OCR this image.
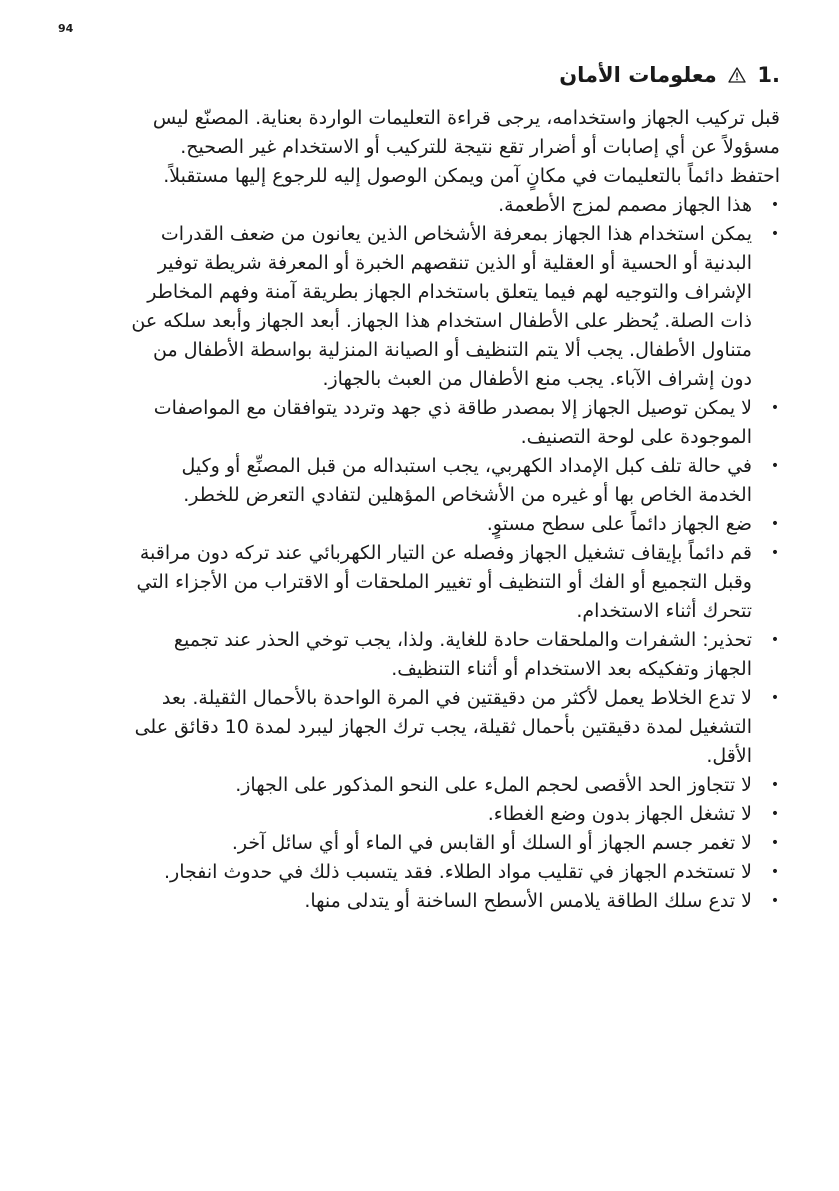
94
1.  معلومات الأمان

قبل تركيب الجهاز واستخدامه، يرجى قراءة التعليمات الواردة بعناية. المصنّع ليس مسؤولاً عن أي إصابات أو أضرار تقع نتيجة للتركيب أو الاستخدام غير الصحيح. احتفظ دائماً بالتعليمات في مكانٍ آمن ويمكن الوصول إليه للرجوع إليها مستقبلاً.

•
هذا الجهاز مصمم لمزج الأطعمة.
•
يمكن استخدام هذا الجهاز بمعرفة الأشخاص الذين يعانون من ضعف القدرات البدنية أو الحسية أو العقلية أو الذين تنقصهم الخبرة أو المعرفة شريطة توفير الإشراف والتوجيه لهم فيما يتعلق باستخدام الجهاز بطريقة آمنة وفهم المخاطر ذات الصلة. يُحظر على الأطفال استخدام هذا الجهاز. أبعد الجهاز وأبعد سلكه عن متناول الأطفال. يجب ألا يتم التنظيف أو الصيانة المنزلية بواسطة الأطفال من دون إشراف الآباء. يجب منع الأطفال من العبث بالجهاز.
•
لا يمكن توصيل الجهاز إلا بمصدر طاقة ذي جهد وتردد يتوافقان مع المواصفات الموجودة على لوحة التصنيف.
•
في حالة تلف كبل الإمداد الكهربي، يجب استبداله من قبل المصنِّع أو وكيل الخدمة الخاص بها أو غيره من الأشخاص المؤهلين لتفادي التعرض للخطر.
•
ضع الجهاز دائماً على سطح مستوٍ.
•
قم دائماً بإيقاف تشغيل الجهاز وفصله عن التيار الكهربائي عند تركه دون مراقبة وقبل التجميع أو الفك أو التنظيف أو تغيير الملحقات أو الاقتراب من الأجزاء التي تتحرك أثناء الاستخدام.
•
تحذير: الشفرات والملحقات حادة للغاية. ولذا، يجب توخي الحذر عند تجميع الجهاز وتفكيكه بعد الاستخدام أو أثناء التنظيف.
•
لا تدع الخلاط يعمل لأكثر من دقيقتين في المرة الواحدة بالأحمال الثقيلة. بعد التشغيل لمدة دقيقتين بأحمال ثقيلة، يجب ترك الجهاز ليبرد لمدة 10 دقائق على الأقل.
•
لا تتجاوز الحد الأقصى لحجم الملء على النحو المذكور على الجهاز.
•
لا تشغل الجهاز بدون وضع الغطاء.
•
لا تغمر جسم الجهاز أو السلك أو القابس في الماء أو أي سائل آخر.
•
لا تستخدم الجهاز في تقليب مواد الطلاء. فقد يتسبب ذلك في حدوث انفجار.
•
لا تدع سلك الطاقة يلامس الأسطح الساخنة أو يتدلى منها.
